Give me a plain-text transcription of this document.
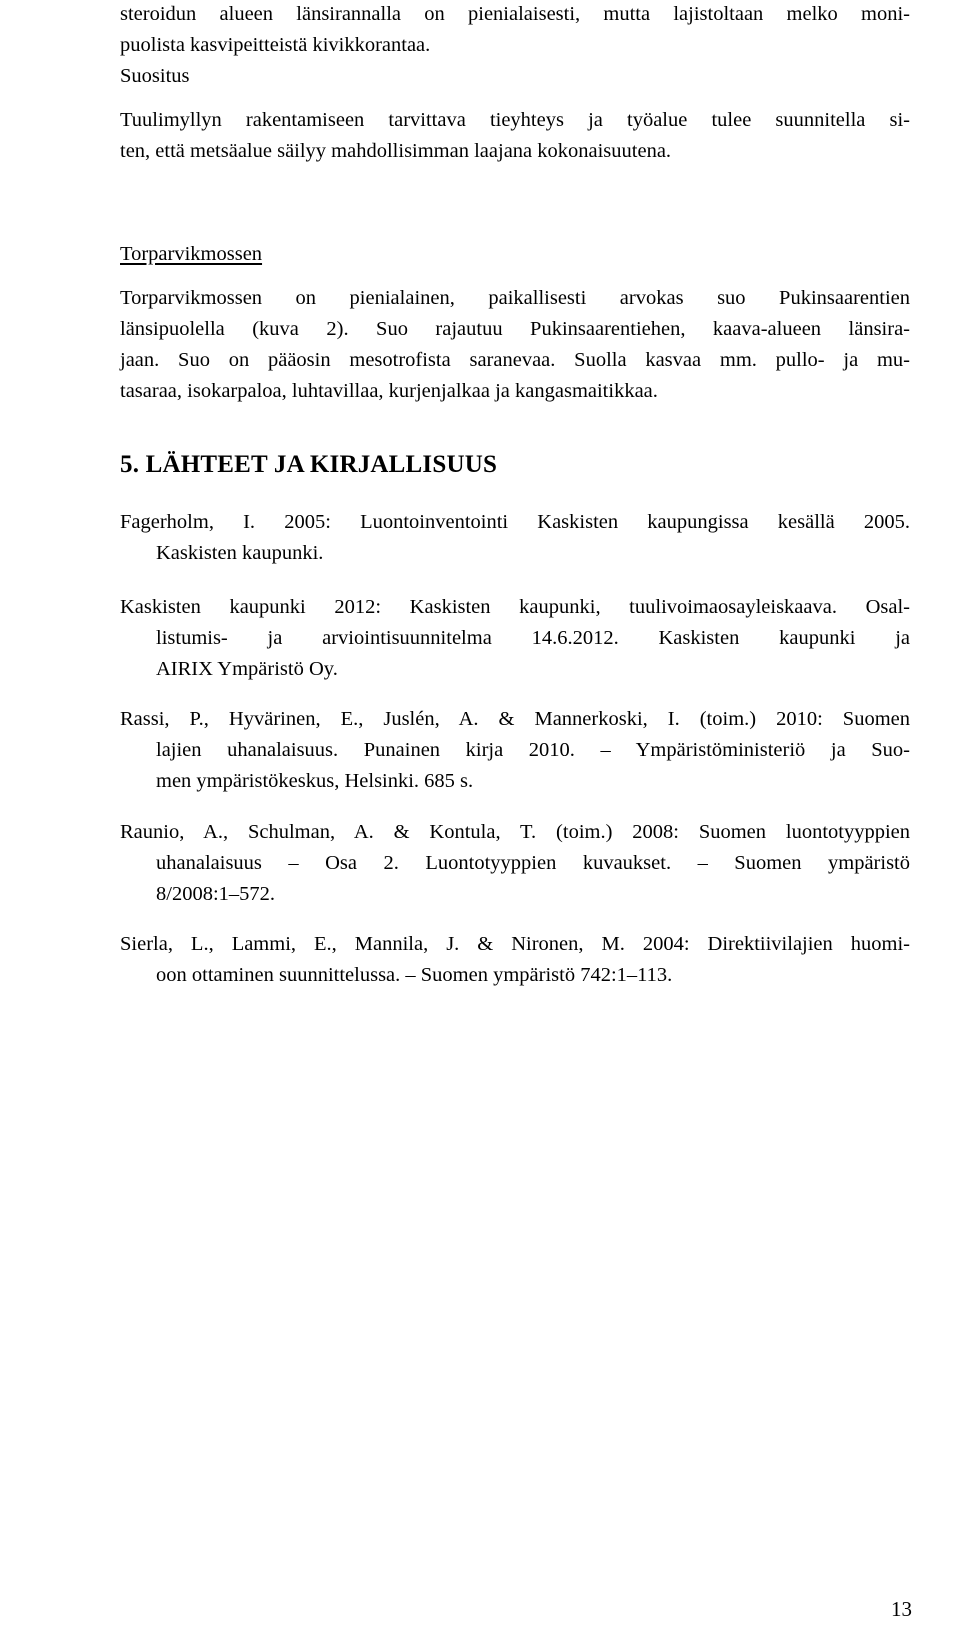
steroidun alueen länsirannalla on pienialaisesti, mutta lajistoltaan melko moni-
puolista kasvipeitteistä kivikkorantaa.

Suositus

Tuulimyllyn rakentamiseen tarvittava tieyhteys ja työalue tulee suunnitella si-
ten, että metsäalue säilyy mahdollisimman laajana kokonaisuutena.

Torparvikmossen

Torparvikmossen on pienialainen, paikallisesti arvokas suo Pukinsaarentien
länsipuolella (kuva 2). Suo rajautuu Pukinsaarentiehen, kaava-alueen länsira-
jaan. Suo on pääosin mesotrofista saranevaa. Suolla kasvaa mm. pullo- ja mu-
tasaraa, isokarpaloa, luhtavillaa, kurjenjalkaa ja kangasmaitikkaa.

5. LÄHTEET JA KIRJALLISUUS

Fagerholm, I. 2005: Luontoinventointi Kaskisten kaupungissa kesällä 2005.
Kaskisten kaupunki.

Kaskisten kaupunki 2012: Kaskisten kaupunki, tuulivoimaosayleiskaava. Osal-
listumis- ja arviointisuunnitelma 14.6.2012. Kaskisten kaupunki ja
AIRIX Ympäristö Oy.

Rassi, P., Hyvärinen, E., Juslén, A. & Mannerkoski, I. (toim.) 2010: Suomen
lajien uhanalaisuus. Punainen kirja 2010. – Ympäristöministeriö ja Suo-
men ympäristökeskus, Helsinki. 685 s.

Raunio, A., Schulman, A. & Kontula, T. (toim.) 2008: Suomen luontotyyppien
uhanalaisuus – Osa 2. Luontotyyppien kuvaukset. – Suomen ympäristö
8/2008:1–572.

Sierla, L., Lammi, E., Mannila, J. & Nironen, M. 2004: Direktiivilajien huomi-
oon ottaminen suunnittelussa. – Suomen ympäristö 742:1–113.

13
